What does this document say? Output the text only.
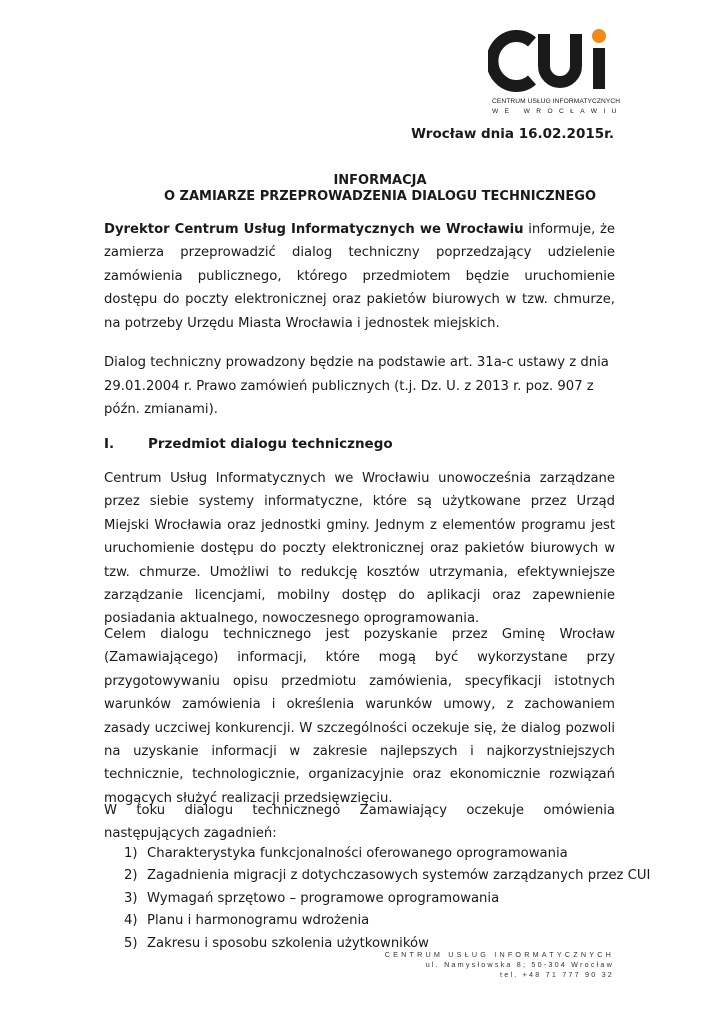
CENTRUM USŁUG INFORMATYCZNYCH
WE WROCŁAWIU
Wrocław dnia 16.02.2015r.
INFORMACJA
O ZAMIARZE PRZEPROWADZENIA DIALOGU TECHNICZNEGO
Dyrektor Centrum Usług Informatycznych we Wrocławiu informuje, że zamierza przeprowadzić dialog techniczny poprzedzający udzielenie zamówienia publicznego, którego przedmiotem będzie uruchomienie dostępu do poczty elektronicznej oraz pakietów biurowych w tzw. chmurze, na potrzeby Urzędu Miasta Wrocławia i jednostek miejskich.
Dialog techniczny prowadzony będzie na podstawie art. 31a-c ustawy z dnia 29.01.2004 r. Prawo zamówień publicznych (t.j. Dz. U. z 2013 r. poz. 907 z późn. zmianami).
I.	Przedmiot dialogu technicznego
Centrum Usług Informatycznych we Wrocławiu unowocześnia zarządzane przez siebie systemy informatyczne, które są użytkowane przez Urząd Miejski Wrocławia oraz jednostki gminy. Jednym z elementów programu jest uruchomienie dostępu do poczty elektronicznej oraz pakietów biurowych w tzw. chmurze. Umożliwi to redukcję kosztów utrzymania, efektywniejsze zarządzanie licencjami, mobilny dostęp do aplikacji oraz zapewnienie posiadania aktualnego, nowoczesnego oprogramowania.
Celem dialogu technicznego jest pozyskanie przez Gminę Wrocław (Zamawiającego) informacji, które mogą być wykorzystane przy przygotowywaniu opisu przedmiotu zamówienia, specyfikacji istotnych warunków zamówienia i określenia warunków umowy, z zachowaniem zasady uczciwej konkurencji. W szczególności oczekuje się, że dialog pozwoli na uzyskanie informacji w zakresie najlepszych i najkorzystniejszych technicznie, technologicznie, organizacyjnie oraz ekonomicznie rozwiązań mogących służyć realizacji przedsięwzięciu.
W toku dialogu technicznego Zamawiający oczekuje omówienia następujących zagadnień:
1) Charakterystyka funkcjonalności oferowanego oprogramowania
2) Zagadnienia migracji z dotychczasowych systemów zarządzanych przez CUI
3) Wymagań sprzętowo – programowe oprogramowania
4) Planu i harmonogramu wdrożenia
5) Zakresu i sposobu szkolenia użytkowników
CENTRUM USŁUG INFORMATYCZNYCH
ul. Namysłowska 8; 50-304 Wrocław
tel. +48 71 777 90 32
